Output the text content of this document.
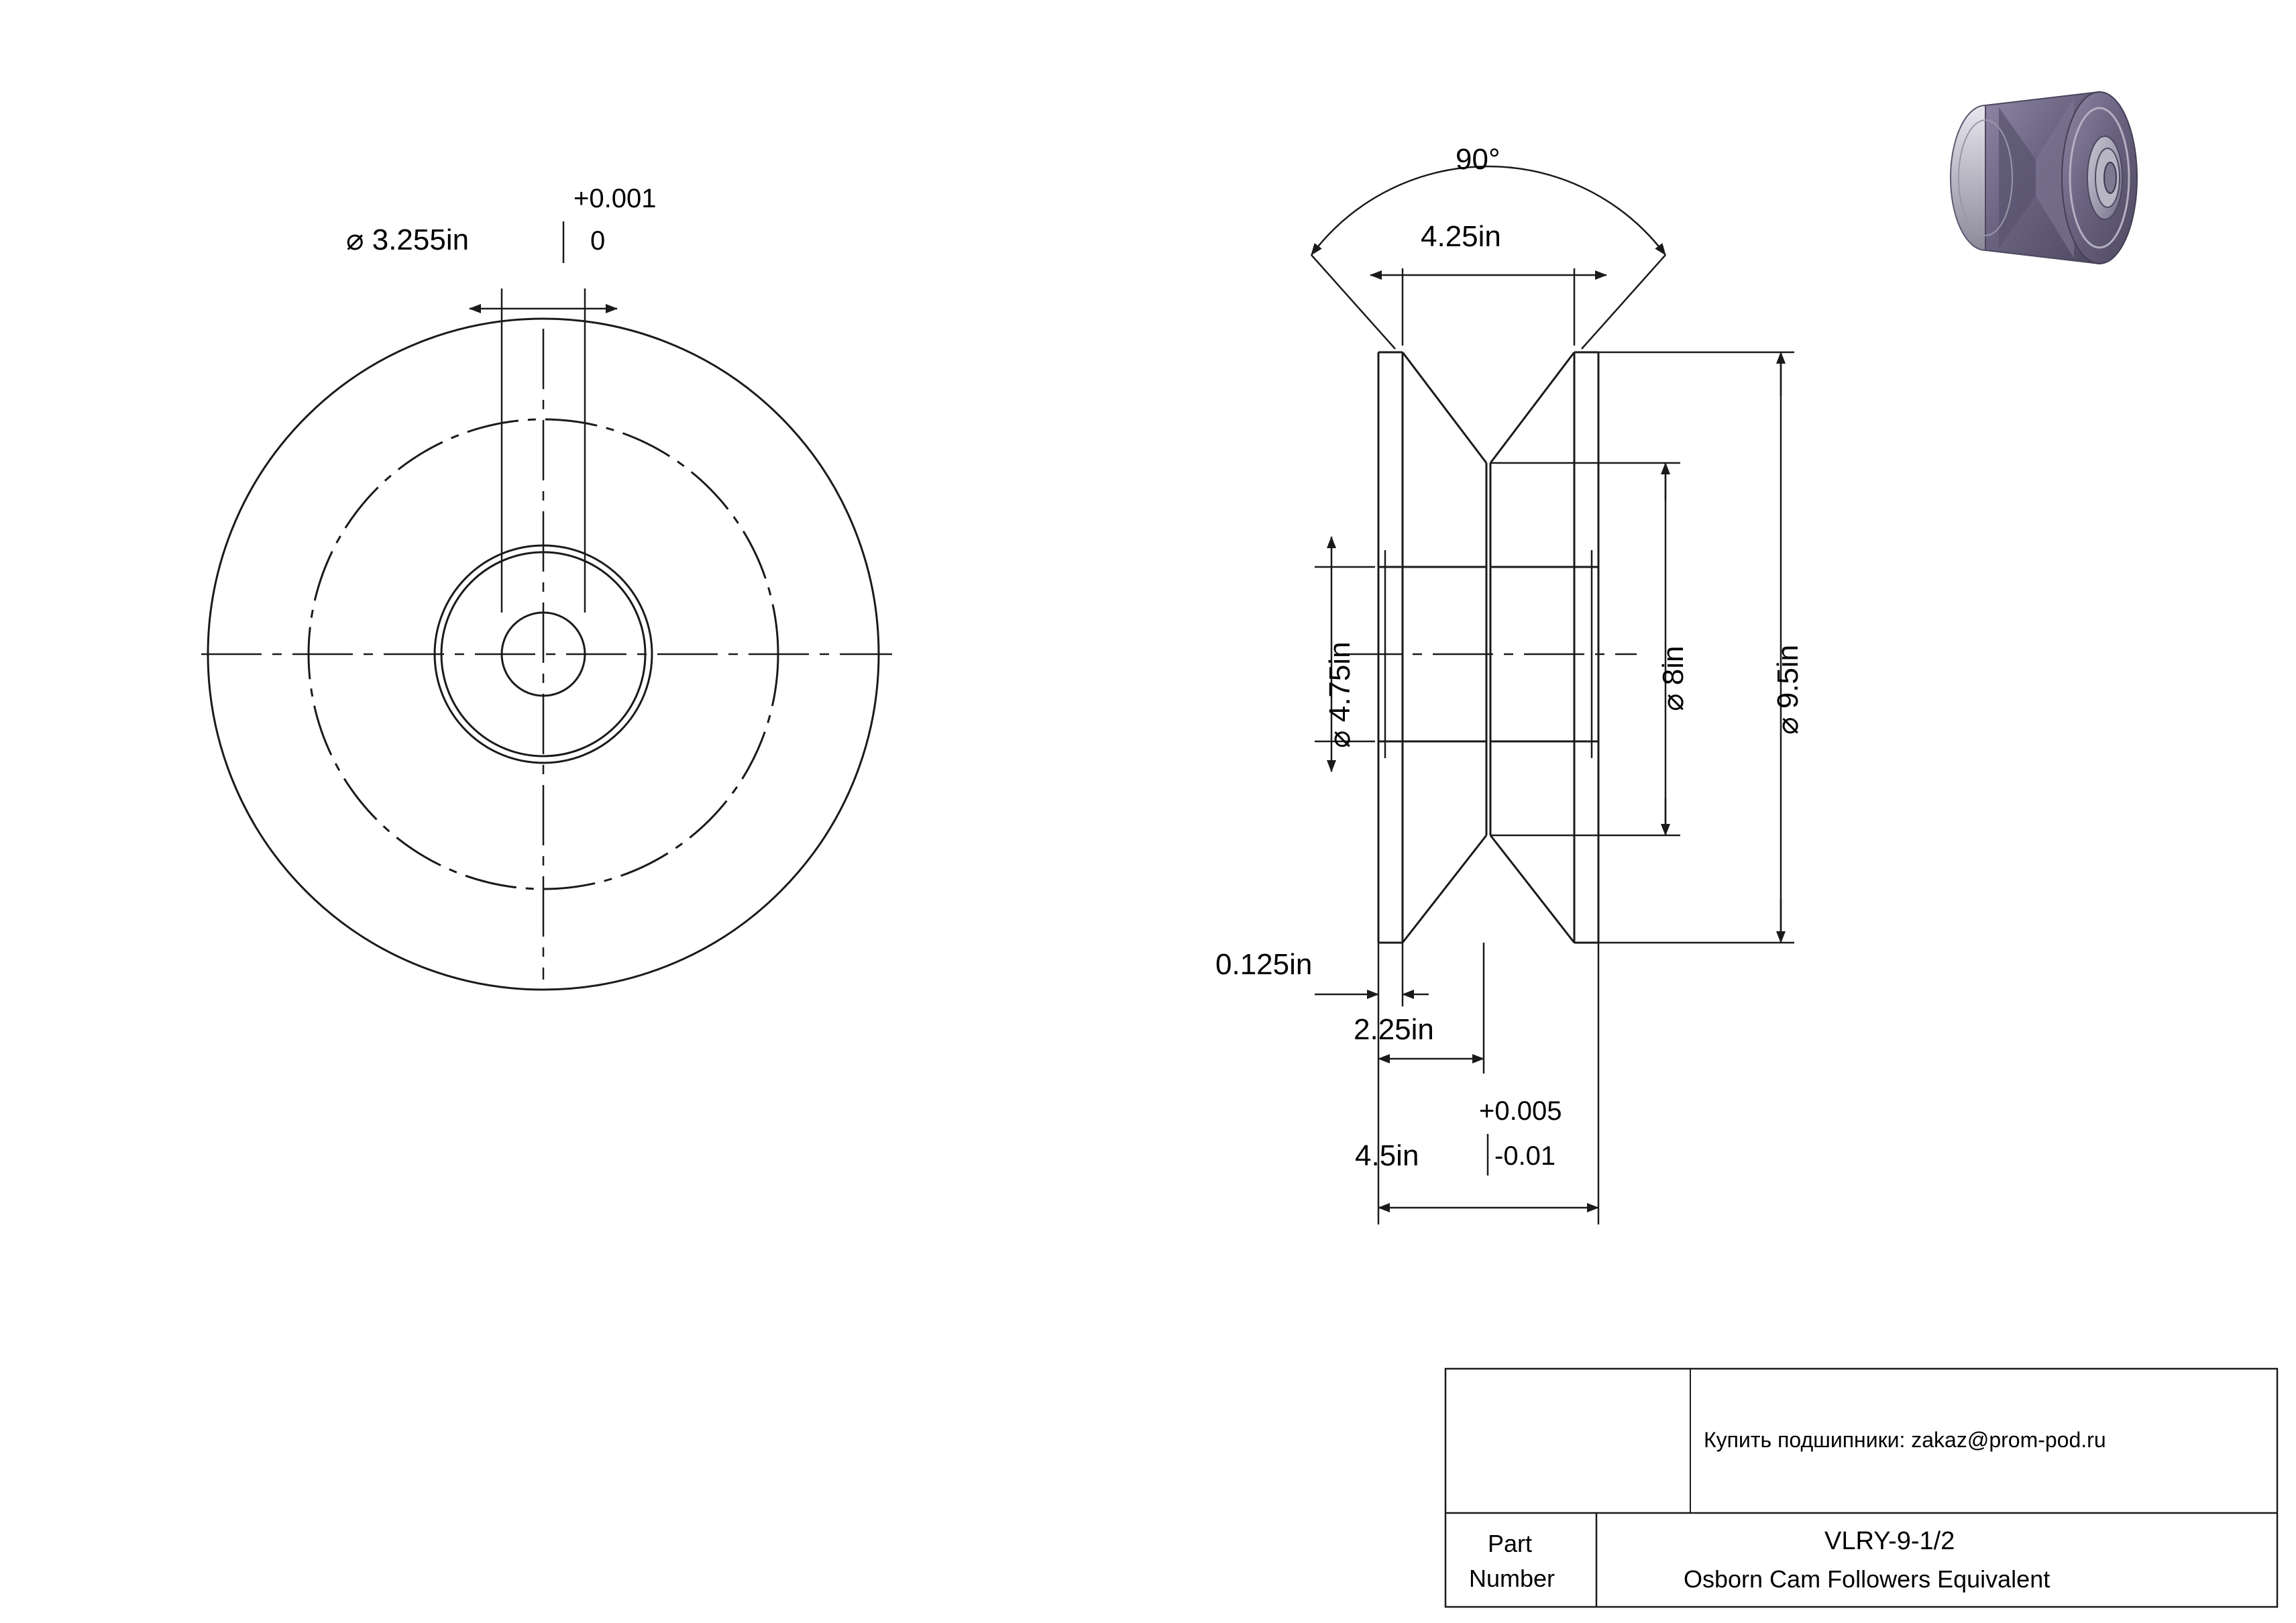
⌀ 3.255in
+0.001
0
90°
4.25in
⌀ 4.75in	⌀ 8in
⌀ 9.5in
0.125in
2.25in
+0.005
4.5in	-0.01
Купить подшипники: zakaz@prom-pod.ru
Part
Number
VLRY-9-1/2
Osborn Cam Followers Equivalent
